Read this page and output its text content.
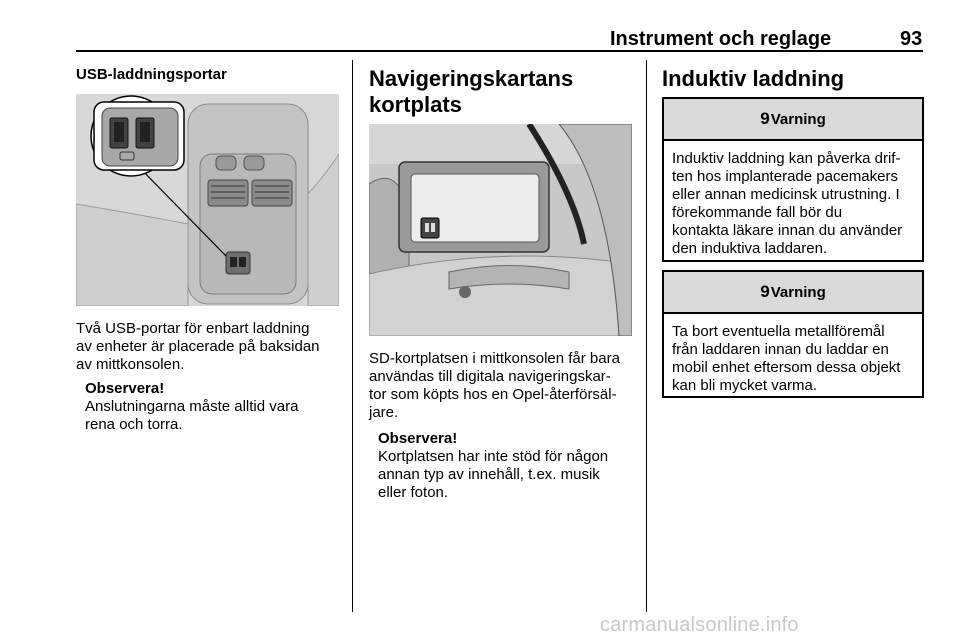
Instrument och reglage	93
USB-laddningsportar
Två USB-portar för enbart laddning
av enheter är placerade på baksidan
av mittkonsolen.
Observera!
Anslutningarna måste alltid vara
rena och torra.
Navigeringskartans
kortplats
SD-kortplatsen i mittkonsolen får bara
användas till digitala navigeringskar-
tor som köpts hos en Opel-återförsäl-
jare.
Observera!
Kortplatsen har inte stöd för någon
annan typ av innehåll, t.ex. musik
eller foton.
Induktiv laddning
9 Varning
Induktiv laddning kan påverka drif-
ten hos implanterade pacemakers
eller annan medicinsk utrustning. I
förekommande fall bör du
kontakta läkare innan du använder
den induktiva laddaren.
9 Varning
Ta bort eventuella metallföremål
från laddaren innan du laddar en
mobil enhet eftersom dessa objekt
kan bli mycket varma.
carmanualsonline.info
